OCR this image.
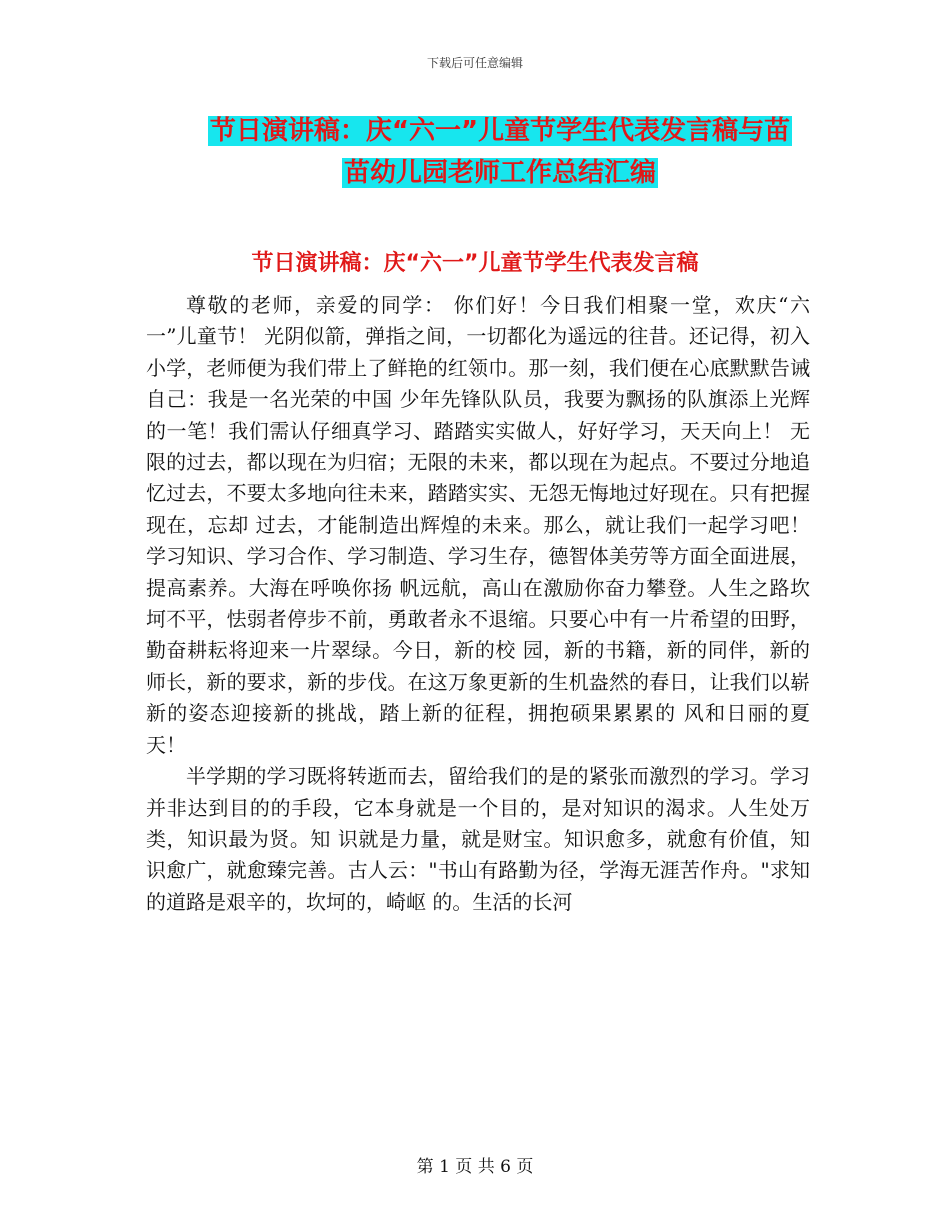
下载后可任意编辑
节日演讲稿：庆“六一”儿童节学生代表发言稿与苗
苗幼儿园老师工作总结汇编
节日演讲稿：庆“六一”儿童节学生代表发言稿

尊敬的老师，亲爱的同学： 你们好！今日我们相聚一堂，欢庆“六一”儿童节！ 光阴似箭，弹指之间，一切都化为遥远的往昔。还记得，初入小学，老师便为我们带上了鲜艳的红领巾。那一刻，我们便在心底默默告诫自己：我是一名光荣的中国 少年先锋队队员，我要为飘扬的队旗添上光辉的一笔！我们需认仔细真学习、踏踏实实做人，好好学习，天天向上！ 无限的过去，都以现在为归宿；无限的未来，都以现在为起点。不要过分地追忆过去，不要太多地向往未来，踏踏实实、无怨无悔地过好现在。只有把握现在，忘却 过去，才能制造出辉煌的未来。那么，就让我们一起学习吧！学习知识、学习合作、学习制造、学习生存，德智体美劳等方面全面进展，提高素养。大海在呼唤你扬 帆远航，高山在激励你奋力攀登。人生之路坎坷不平，怯弱者停步不前，勇敢者永不退缩。只要心中有一片希望的田野，勤奋耕耘将迎来一片翠绿。今日，新的校 园，新的书籍，新的同伴，新的师长，新的要求，新的步伐。在这万象更新的生机盎然的春日，让我们以崭新的姿态迎接新的挑战，踏上新的征程，拥抱硕果累累的 风和日丽的夏天！

半学期的学习既将转逝而去，留给我们的是的紧张而激烈的学习。学习并非达到目的的手段，它本身就是一个目的，是对知识的渴求。人生处万类，知识最为贤。知 识就是力量，就是财宝。知识愈多，就愈有价值，知识愈广，就愈臻完善。古人云："书山有路勤为径，学海无涯苦作舟。"求知的道路是艰辛的，坎坷的，崎岖 的。生活的长河

第 1 页 共 6 页
